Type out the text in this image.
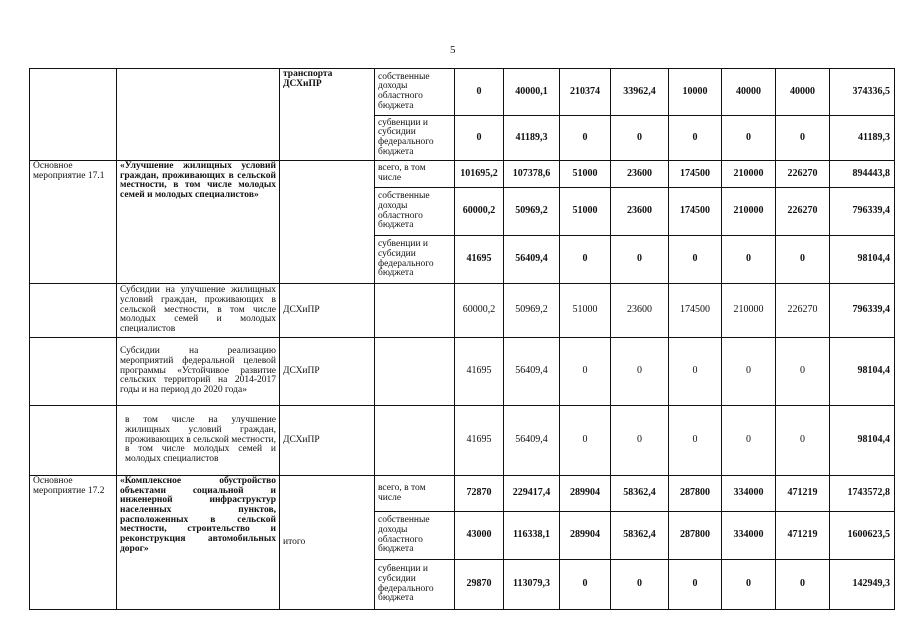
5
		транспорта ДСХиПР	собственные доходы областного бюджета	0	40000,1	210374	33962,4	10000	40000	40000	374336,5
			субвенции и субсидии федерального бюджета	0	41189,3	0	0	0	0	0	41189,3
Основное мероприятие 17.1	«Улучшение жилищных условий граждан, проживающих в сельской местности, в том числе молодых семей и молодых специалистов»		всего, в том числе	101695,2	107378,6	51000	23600	174500	210000	226270	894443,8
			собственные доходы областного бюджета	60000,2	50969,2	51000	23600	174500	210000	226270	796339,4
			субвенции и субсидии федерального бюджета	41695	56409,4	0	0	0	0	0	98104,4
	Субсидии на улучшение жилищных условий граждан, проживающих в сельской местности, в том числе молодых семей и молодых специалистов	ДСХиПР		60000,2	50969,2	51000	23600	174500	210000	226270	796339,4
	Субсидии на реализацию мероприятий федеральной целевой программы «Устойчивое развитие сельских территорий на 2014-2017 годы и на период до 2020 года»	ДСХиПР		41695	56409,4	0	0	0	0	0	98104,4
	в том числе на улучшение жилищных условий граждан, проживающих в сельской местности, в том числе молодых семей и молодых специалистов	ДСХиПР		41695	56409,4	0	0	0	0	0	98104,4
Основное мероприятие 17.2	«Комплексное обустройство объектами социальной и инженерной инфраструктур населенных пунктов, расположенных в сельской местности, строительство и реконструкция автомобильных дорог»	итого	всего, в том числе	72870	229417,4	289904	58362,4	287800	334000	471219	1743572,8
			собственные доходы областного бюджета	43000	116338,1	289904	58362,4	287800	334000	471219	1600623,5
			субвенции и субсидии федерального бюджета	29870	113079,3	0	0	0	0	0	142949,3
